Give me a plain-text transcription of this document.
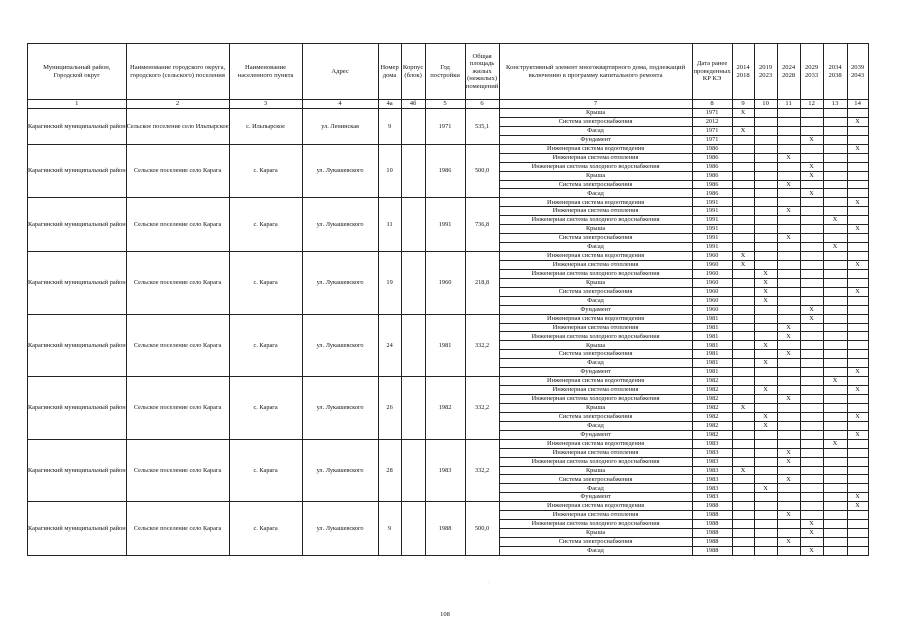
Муниципальный район, Городской округ	Наименование городского округа, городского (сельского) поселения	Наименование населенного пункта	Адрес	Номер дома	Корпус (блок)	Год постройки	Общая площадь жилых (нежилых) помещений	Конструктивный элемент многоквартирного дома, подлежащий включению в программу капитального ремонта	Дата ранее проведенных КР КЭ	2014 2018	2019 2023	2024 2028	2029 2033	2034 2038	2039 2043
1	2	3	4	4а	4б	5	6	7	8	9	10	11	12	13	14
Карагинский муниципальный район	Сельское поселение село Ильпырское	с. Ильпырское	ул. Ленинская	9		1971	535,1	Крыша	1971	X					
								Система электроснабжения	2012						X
								Фасад	1971	X					
								Фундамент	1971				X		
Карагинский муниципальный район	Сельское поселение село Карага	с. Карага	ул. Лукашевского	10		1986	500,0	Инженерная система водоотведения	1986						X
								Инженерная система отопления	1986			X			
								Инженерная система холодного водоснабжения	1986				X		
								Крыша	1986				X		
								Система электроснабжения	1986			X			
								Фасад	1986				X		
Карагинский муниципальный район	Сельское поселение село Карага	с. Карага	ул. Лукашевского	11		1991	736,8	Инженерная система водоотведения	1991						X
								Инженерная система отопления	1991			X			
								Инженерная система холодного водоснабжения	1991					X	
								Крыша	1991						X
								Система электроснабжения	1991			X			
								Фасад	1991					X	
Карагинский муниципальный район	Сельское поселение село Карага	с. Карага	ул. Лукашевского	19		1960	218,8	Инженерная система водоотведения	1960	X					
								Инженерная система отопления	1960	X					X
								Инженерная система холодного водоснабжения	1960		X				
								Крыша	1960		X				
								Система электроснабжения	1960		X				X
								Фасад	1960		X				
								Фундамент	1960				X		
Карагинский муниципальный район	Сельское поселение село Карага	с. Карага	ул. Лукашевского	24		1981	332,2	Инженерная система водоотведения	1981				X		
								Инженерная система отопления	1981			X			
								Инженерная система холодного водоснабжения	1981			X			
								Крыша	1981		X				
								Система электроснабжения	1981			X			
								Фасад	1981		X				
								Фундамент	1981						X
Карагинский муниципальный район	Сельское поселение село Карага	с. Карага	ул. Лукашевского	26		1982	332,2	Инженерная система водоотведения	1982					X	
								Инженерная система отопления	1982		X				X
								Инженерная система холодного водоснабжения	1982			X			
								Крыша	1982	X					
								Система электроснабжения	1982		X				X
								Фасад	1982		X				
								Фундамент	1982						X
Карагинский муниципальный район	Сельское поселение село Карага	с. Карага	ул. Лукашевского	28		1983	332,2	Инженерная система водоотведения	1983					X	
								Инженерная система отопления	1983			X			
								Инженерная система холодного водоснабжения	1983			X			
								Крыша	1983	X					
								Система электроснабжения	1983			X			
								Фасад	1983		X				
								Фундамент	1983						X
Карагинский муниципальный район	Сельское поселение село Карага	с. Карага	ул. Лукашевского	9		1988	500,0	Инженерная система водоотведения	1988						X
								Инженерная система отопления	1988			X			
								Инженерная система холодного водоснабжения	1988				X		
								Крыша	1988				X		
								Система электроснабжения	1988			X			
								Фасад	1988				X		
108
·
